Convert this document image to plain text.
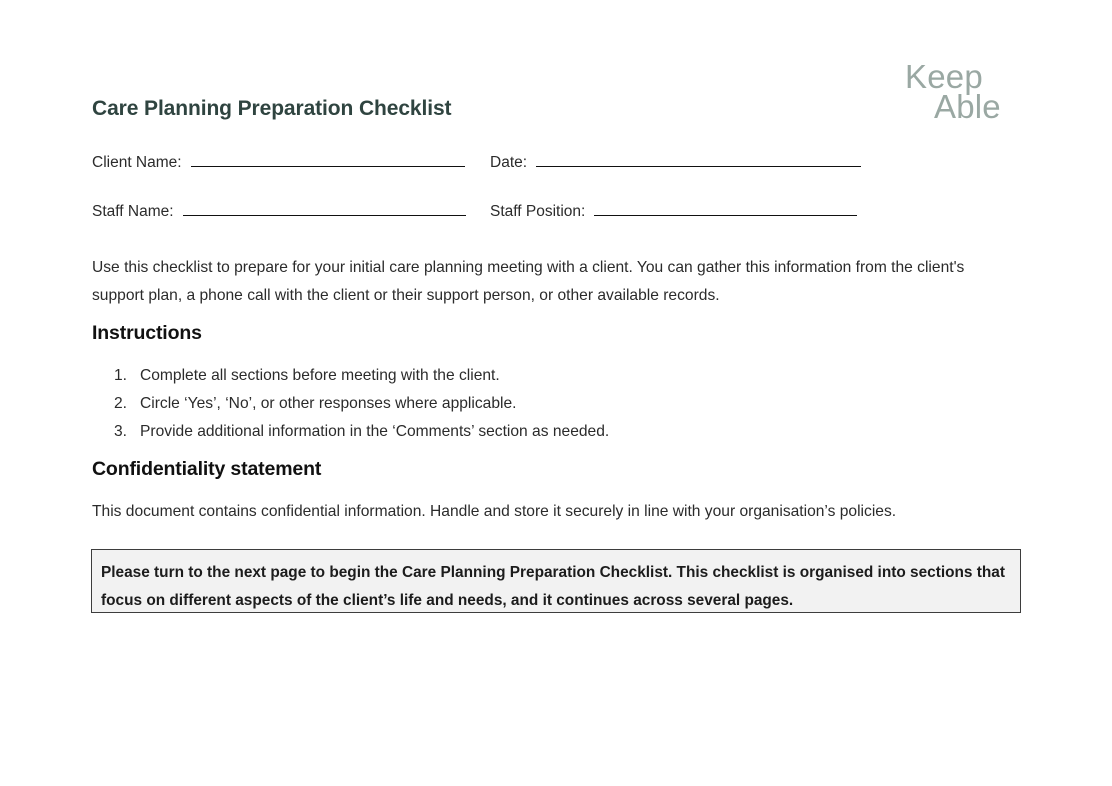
Keep
Able
Care Planning Preparation Checklist
Client Name:	Date:
Staff Name:	Staff Position:
Use this checklist to prepare for your initial care planning meeting with a client. You can gather this information from the client's support plan, a phone call with the client or their support person, or other available records.
Instructions
1. Complete all sections before meeting with the client.
2. Circle ‘Yes’, ‘No’, or other responses where applicable.
3. Provide additional information in the ‘Comments’ section as needed.
Confidentiality statement
This document contains confidential information. Handle and store it securely in line with your organisation’s policies.
Please turn to the next page to begin the Care Planning Preparation Checklist. This checklist is organised into sections that focus on different aspects of the client’s life and needs, and it continues across several pages.
